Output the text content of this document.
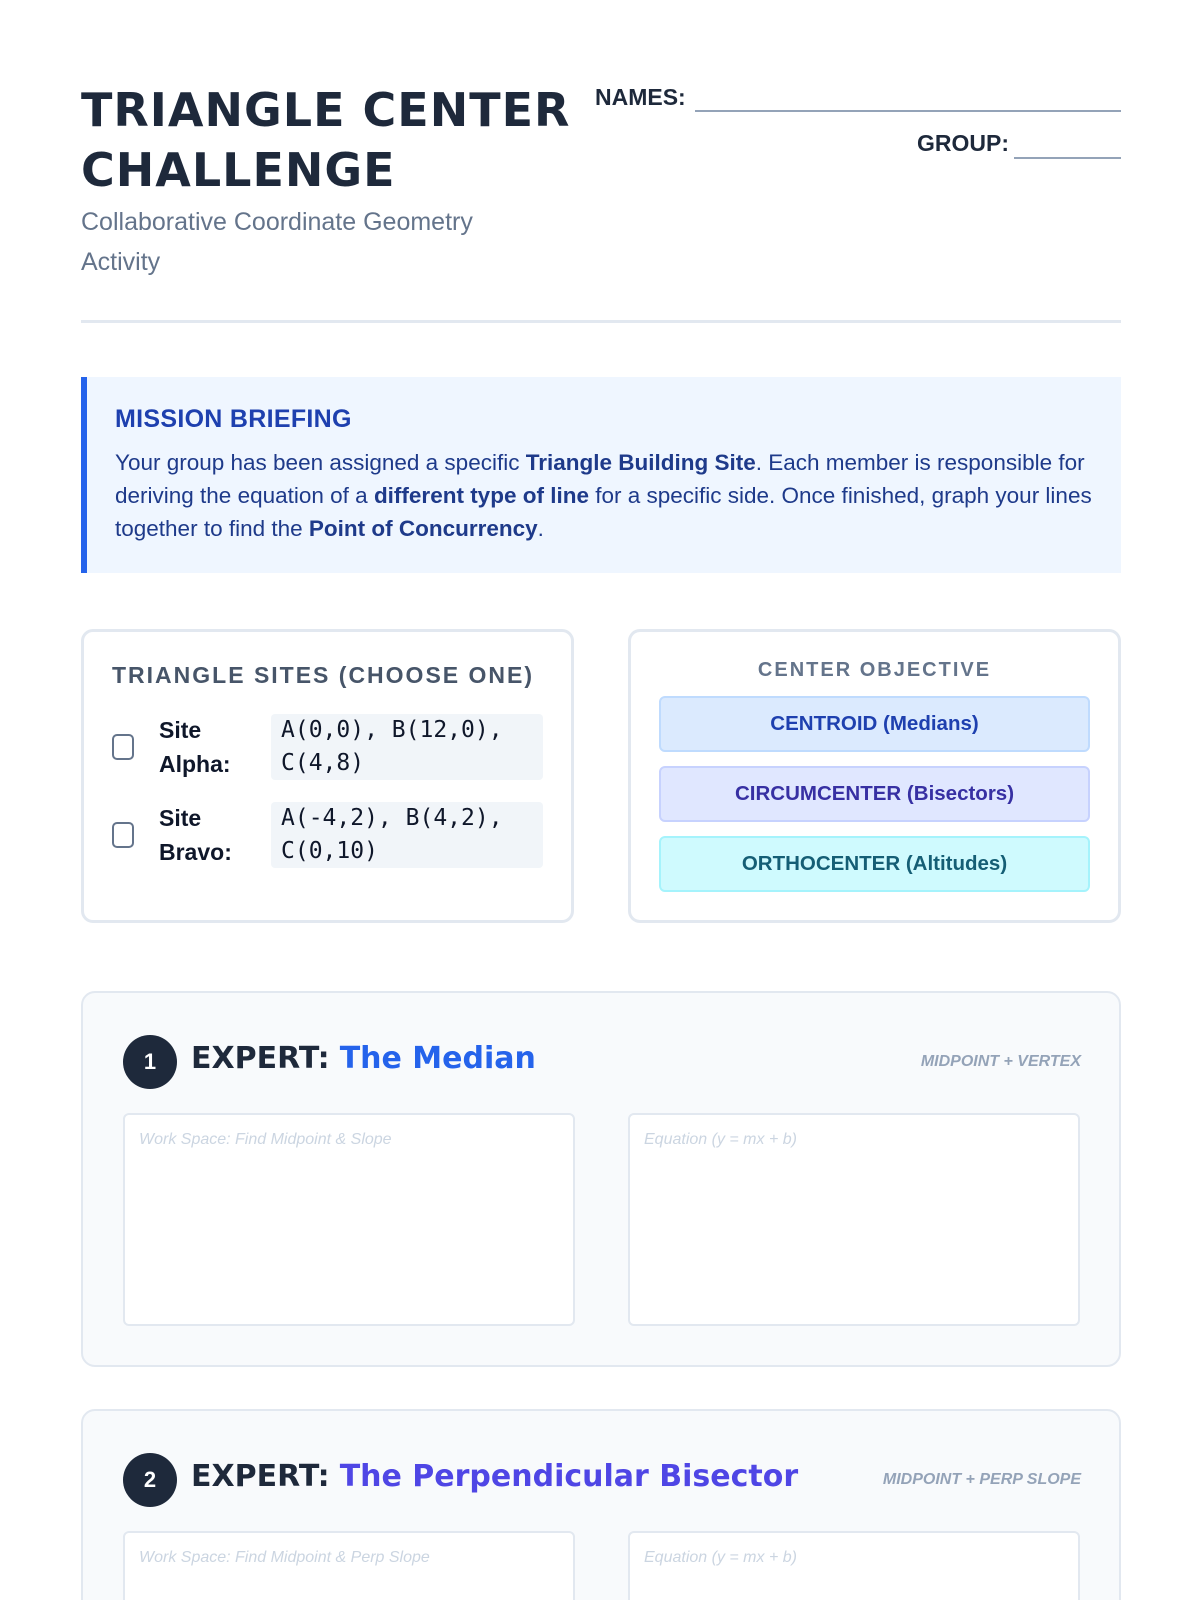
TRIANGLE CENTER CHALLENGE
Collaborative Coordinate Geometry Activity
NAMES:
GROUP:
MISSION BRIEFING

Your group has been assigned a specific Triangle Building Site. Each member is responsible for deriving the equation of a different type of line for a specific side. Once finished, graph your lines together to find the Point of Concurrency.

TRIANGLE SITES (CHOOSE ONE)
Site Alpha:
A(0,0), B(12,0), C(4,8)
Site Bravo:
A(-4,2), B(4,2), C(0,10)
CENTER OBJECTIVE
CENTROID (Medians)
CIRCUMCENTER (Bisectors)
ORTHOCENTER (Altitudes)
1	EXPERT: The Median	MIDPOINT + VERTEX
Work Space: Find Midpoint & Slope	Equation (y = mx + b)
2	EXPERT: The Perpendicular Bisector	MIDPOINT + PERP SLOPE
Work Space: Find Midpoint & Perp Slope	Equation (y = mx + b)
